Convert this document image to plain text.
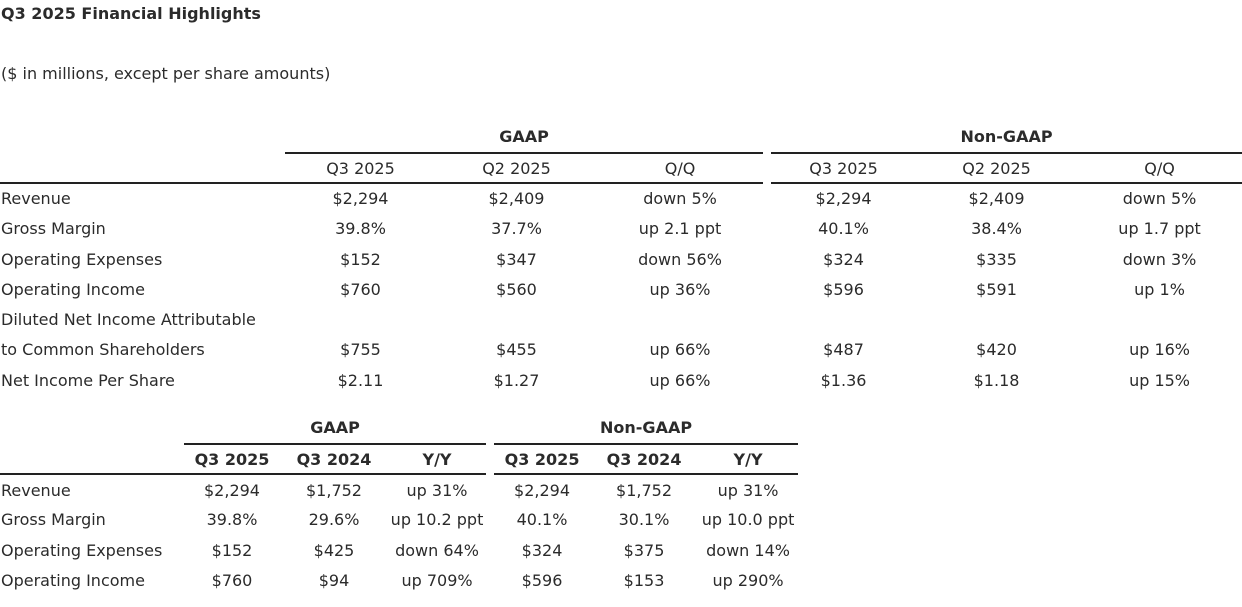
Q3 2025 Financial Highlights
($ in millions, except per share amounts)
	GAAP				Non-GAAP		
	Q3 2025	Q2 2025	Q/Q		Q3 2025	Q2 2025	Q/Q
Revenue	$2,294	$2,409	down 5%		$2,294	$2,409	down 5%
Gross Margin	39.8%	37.7%	up 2.1 ppt		40.1%	38.4%	up 1.7 ppt
Operating Expenses	$152	$347	down 56%		$324	$335	down 3%
Operating Income	$760	$560	up 36%		$596	$591	up 1%
Diluted Net Income Attributable							
to Common Shareholders	$755	$455	up 66%		$487	$420	up 16%
Net Income Per Share	$2.11	$1.27	up 66%		$1.36	$1.18	up 15%
	GAAP				Non-GAAP		
	Q3 2025	Q3 2024	Y/Y		Q3 2025	Q3 2024	Y/Y
Revenue	$2,294	$1,752	up 31%		$2,294	$1,752	up 31%
Gross Margin	39.8%	29.6%	up 10.2 ppt		40.1%	30.1%	up 10.0 ppt
Operating Expenses	$152	$425	down 64%		$324	$375	down 14%
Operating Income	$760	$94	up 709%		$596	$153	up 290%
